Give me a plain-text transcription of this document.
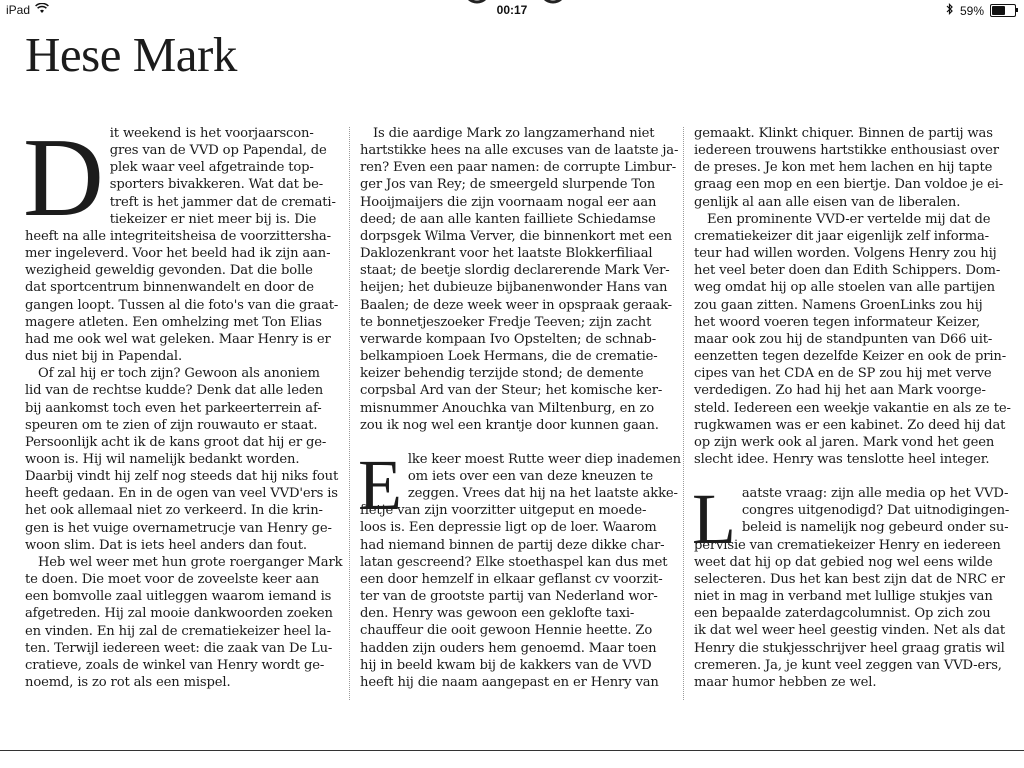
iPad	00:17	59%
Hese Mark
D it weekend is het voorjaarscon-
gres van de VVD op Papendal, de
plek waar veel afgetrainde top-
sporters bivakkeren. Wat dat be-
treft is het jammer dat de cremati-
tiekeizer er niet meer bij is. Die
heeft na alle integriteitsheisa de voorzittersha-
mer ingeleverd. Voor het beeld had ik zijn aan-
wezigheid geweldig gevonden. Dat die bolle
dat sportcentrum binnenwandelt en door de
gangen loopt. Tussen al die foto's van die graat-
magere atleten. Een omhelzing met Ton Elias
had me ook wel wat geleken. Maar Henry is er
dus niet bij in Papendal.
 Of zal hij er toch zijn? Gewoon als anoniem
lid van de rechtse kudde? Denk dat alle leden
bij aankomst toch even het parkeerterrein af-
speuren om te zien of zijn rouwauto er staat.
Persoonlijk acht ik de kans groot dat hij er ge-
woon is. Hij wil namelijk bedankt worden.
Daarbij vindt hij zelf nog steeds dat hij niks fout
heeft gedaan. En in de ogen van veel VVD'ers is
het ook allemaal niet zo verkeerd. In die krin-
gen is het vuige overnametrucje van Henry ge-
woon slim. Dat is iets heel anders dan fout.
 Heb wel weer met hun grote roerganger Mark
te doen. Die moet voor de zoveelste keer aan
een bomvolle zaal uitleggen waarom iemand is
afgetreden. Hij zal mooie dankwoorden zoeken
en vinden. En hij zal de crematiekeizer heel la-
ten. Terwijl iedereen weet: die zaak van De Lu-
cratieve, zoals de winkel van Henry wordt ge-
noemd, is zo rot als een mispel.
 Is die aardige Mark zo langzamerhand niet
hartstikke hees na alle excuses van de laatste ja-
ren? Even een paar namen: de corrupte Limbur-
ger Jos van Rey; de smeergeld slurpende Ton
Hooijmaijers die zijn voornaam nogal eer aan
deed; de aan alle kanten failliete Schiedamse
dorpsgek Wilma Verver, die binnenkort met een
Daklozenkrant voor het laatste Blokkerfiliaal
staat; de beetje slordig declarerende Mark Ver-
heijen; het dubieuze bijbanenwonder Hans van
Baalen; de deze week weer in opspraak geraak-
te bonnetjeszoeker Fredje Teeven; zijn zacht
verwarde kompaan Ivo Opstelten; de schnab-
belkampioen Loek Hermans, die de crematie-
keizer behendig terzijde stond; de demente
corpsbal Ard van der Steur; het komische ker-
misnummer Anouchka van Miltenburg, en zo
zou ik nog wel een krantje door kunnen gaan.
E lke keer moest Rutte weer diep inademen
om iets over een van deze kneuzen te
zeggen. Vrees dat hij na het laatste akke-
fietje van zijn voorzitter uitgeput en moede-
loos is. Een depressie ligt op de loer. Waarom
had niemand binnen de partij deze dikke char-
latan gescreend? Elke stoethaspel kan dus met
een door hemzelf in elkaar geflanst cv voorzit-
ter van de grootste partij van Nederland wor-
den. Henry was gewoon een geklofte taxi-
chauffeur die ooit gewoon Hennie heette. Zo
hadden zijn ouders hem genoemd. Maar toen
hij in beeld kwam bij de kakkers van de VVD
heeft hij die naam aangepast en er Henry van
gemaakt. Klinkt chiquer. Binnen de partij was
iedereen trouwens hartstikke enthousiast over
de preses. Je kon met hem lachen en hij tapte
graag een mop en een biertje. Dan voldoe je ei-
genlijk al aan alle eisen van de liberalen.
 Een prominente VVD-er vertelde mij dat de
crematiekeizer dit jaar eigenlijk zelf informa-
teur had willen worden. Volgens Henry zou hij
het veel beter doen dan Edith Schippers. Dom-
weg omdat hij op alle stoelen van alle partijen
zou gaan zitten. Namens GroenLinks zou hij
het woord voeren tegen informateur Keizer,
maar ook zou hij de standpunten van D66 uit-
eenzetten tegen dezelfde Keizer en ook de prin-
cipes van het CDA en de SP zou hij met verve
verdedigen. Zo had hij het aan Mark voorge-
steld. Iedereen een weekje vakantie en als ze te-
rugkwamen was er een kabinet. Zo deed hij dat
op zijn werk ook al jaren. Mark vond het geen
slecht idee. Henry was tenslotte heel integer.
L aatste vraag: zijn alle media op het VVD-
congres uitgenodigd? Dat uitnodigingen-
beleid is namelijk nog gebeurd onder su-
pervisie van crematiekeizer Henry en iedereen
weet dat hij op dat gebied nog wel eens wilde
selecteren. Dus het kan best zijn dat de NRC er
niet in mag in verband met lullige stukjes van
een bepaalde zaterdagcolumnist. Op zich zou
ik dat wel weer heel geestig vinden. Net als dat
Henry die stukjesschrijver heel graag gratis wil
cremeren. Ja, je kunt veel zeggen van VVD-ers,
maar humor hebben ze wel.
